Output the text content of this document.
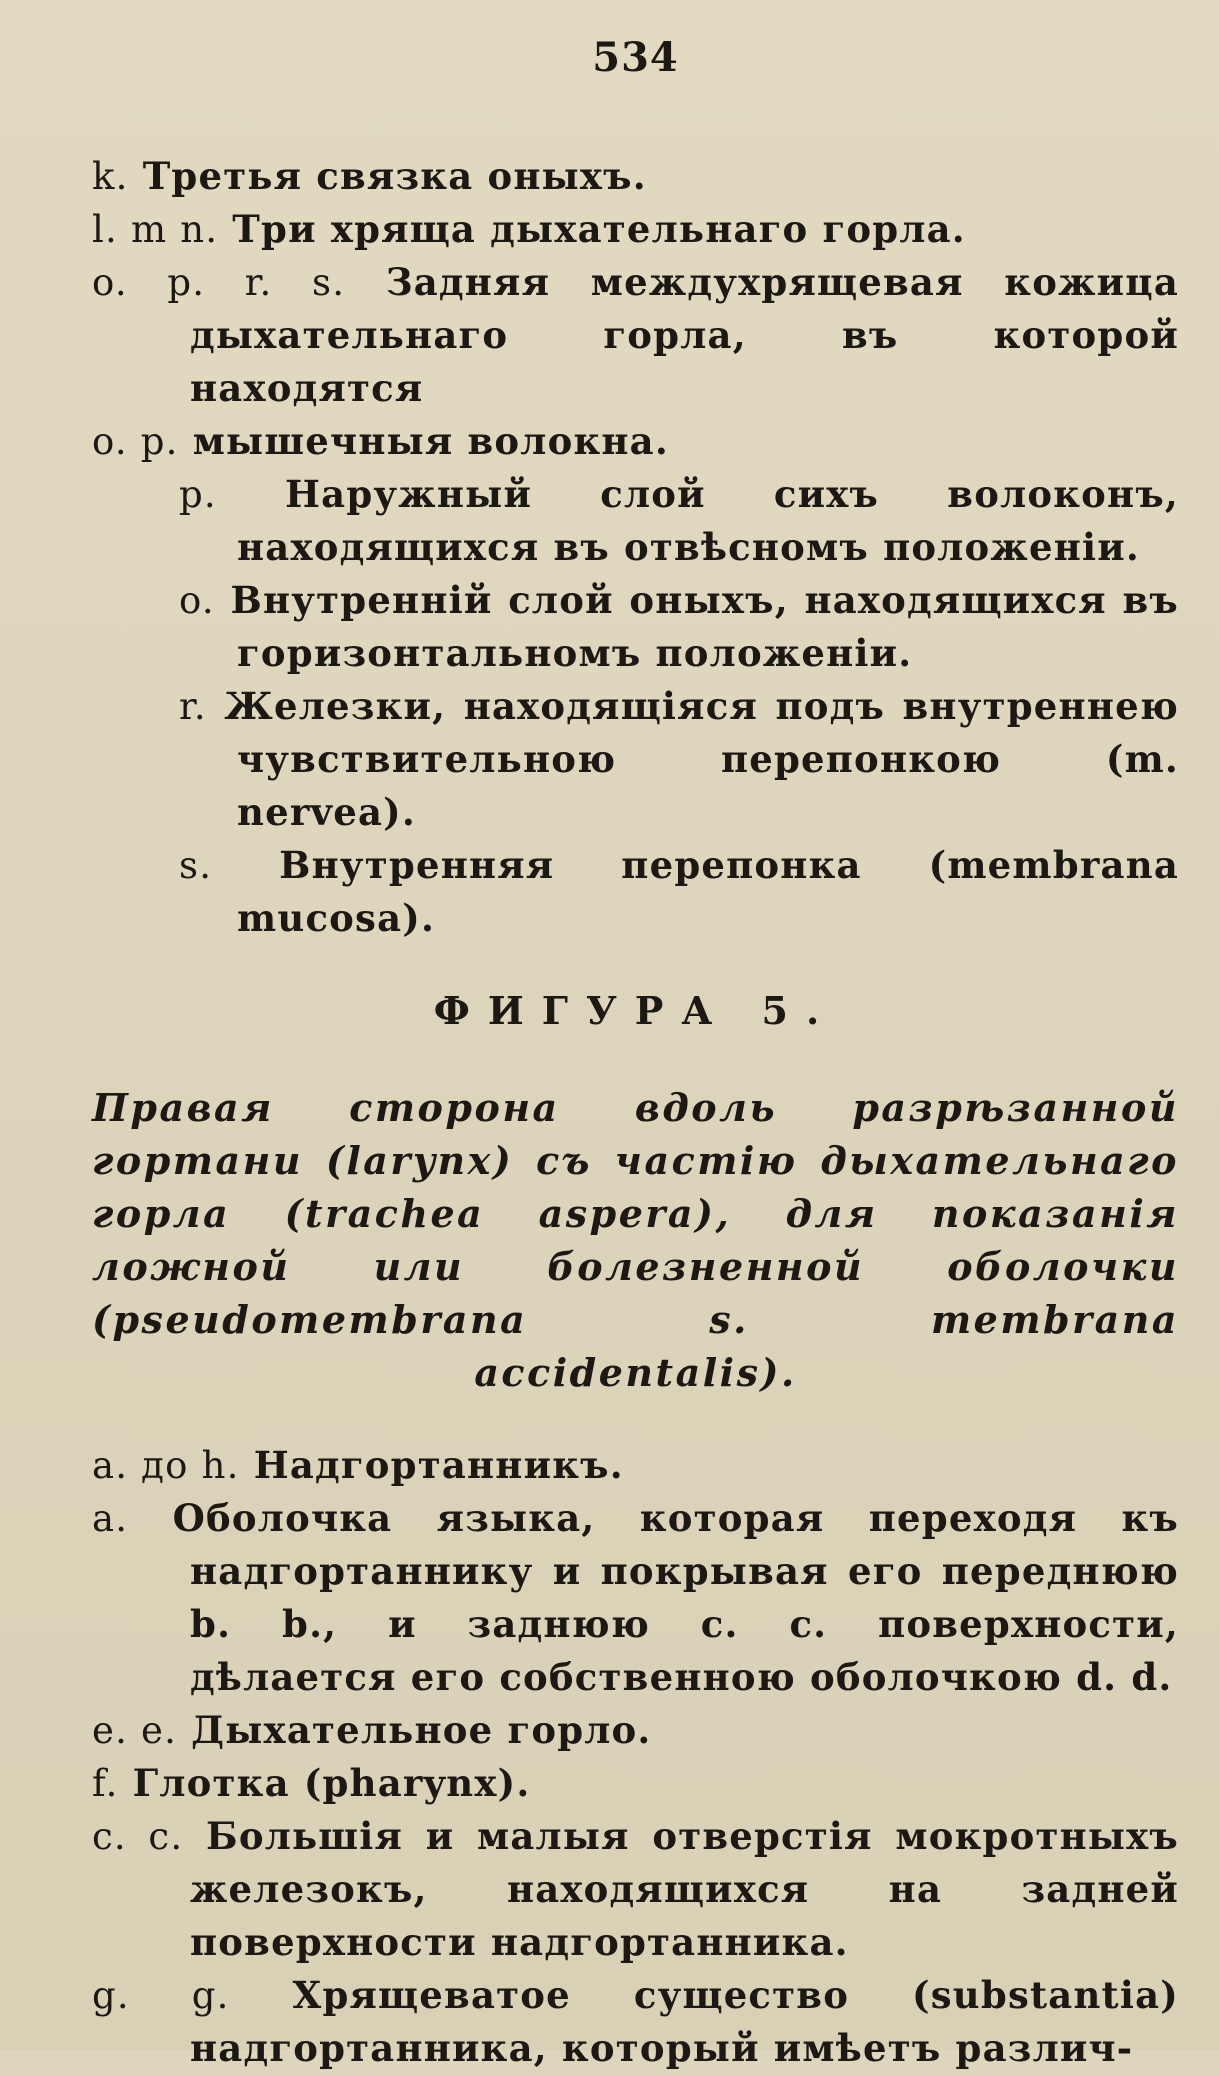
534
k. Третья связка оныхъ.
l. m n. Три хряща дыхательнаго горла.
o. p. r. s. Задняя междухрящевая кожица дыхательнаго горла, въ которой находятся
o. p. мышечныя волокна.
p. Наружный слой сихъ волоконъ, находящихся въ отвѣсномъ положенiи.
o. Внутреннiй слой оныхъ, находящихся въ горизонтальномъ положенiи.
r. Железки, находящiяся подъ внутреннею чувствительною перепонкою (m. nervea).
s. Внутренняя перепонка (membrana mucosa).
ФИГУРА 5.
Правая сторона вдоль разрѣзанной гортани (larynx) съ частiю дыхательнаго горла (trachea aspera), для показанiя ложной или болезненной оболочки (pseudomembrana s. membrana accidentalis).
a. до h. Надгортанникъ.
a. Оболочка языка, которая переходя къ надгортаннику и покрывая его переднюю b. b., и заднюю c. c. поверхности, дѣлается его собственною оболочкою d. d.
e. e. Дыхательное горло.
f. Глотка (pharynx).
c. c. Большiя и малыя отверстiя мокротныхъ железокъ, находящихся на задней поверхности надгортанника.
g. g. Хрящеватое существо (substantia) надгортанника, который имѣетъ различ-
